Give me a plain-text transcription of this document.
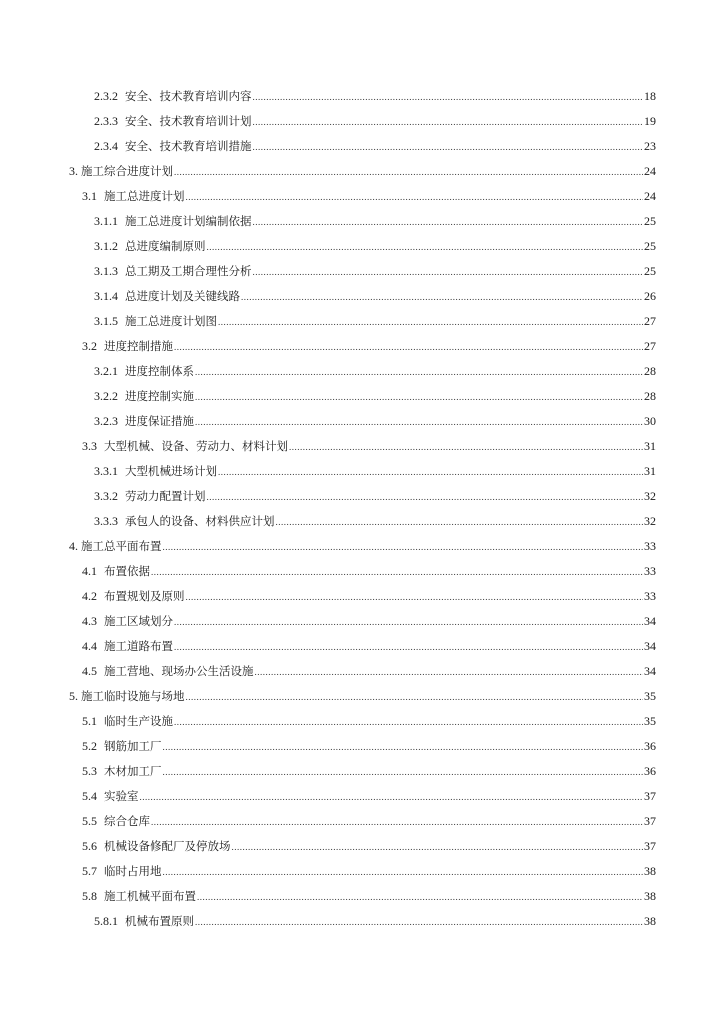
2.3.2 安全、技术教育培训内容 .....	18
2.3.3 安全、技术教育培训计划 .....	19
2.3.4 安全、技术教育培训措施 .....	23
3. 施工综合进度计划 .....	24
3.1 施工总进度计划 .....	24
3.1.1 施工总进度计划编制依据 .....	25
3.1.2 总进度编制原则 .....	25
3.1.3 总工期及工期合理性分析 .....	25
3.1.4 总进度计划及关键线路 .....	26
3.1.5 施工总进度计划图 .....	27
3.2 进度控制措施 .....	27
3.2.1 进度控制体系 .....	28
3.2.2 进度控制实施 .....	28
3.2.3 进度保证措施 .....	30
3.3 大型机械、设备、劳动力、材料计划 .....	31
3.3.1 大型机械进场计划 .....	31
3.3.2 劳动力配置计划 .....	32
3.3.3 承包人的设备、材料供应计划 .....	32
4. 施工总平面布置 .....	33
4.1 布置依据 .....	33
4.2 布置规划及原则 .....	33
4.3 施工区域划分 .....	34
4.4 施工道路布置 .....	34
4.5 施工营地、现场办公生活设施 .....	34
5. 施工临时设施与场地 .....	35
5.1 临时生产设施 .....	35
5.2 钢筋加工厂 .....	36
5.3 木材加工厂 .....	36
5.4 实验室 .....	37
5.5 综合仓库 .....	37
5.6 机械设备修配厂及停放场 .....	37
5.7 临时占用地 .....	38
5.8 施工机械平面布置 .....	38
5.8.1 机械布置原则 .....	38
